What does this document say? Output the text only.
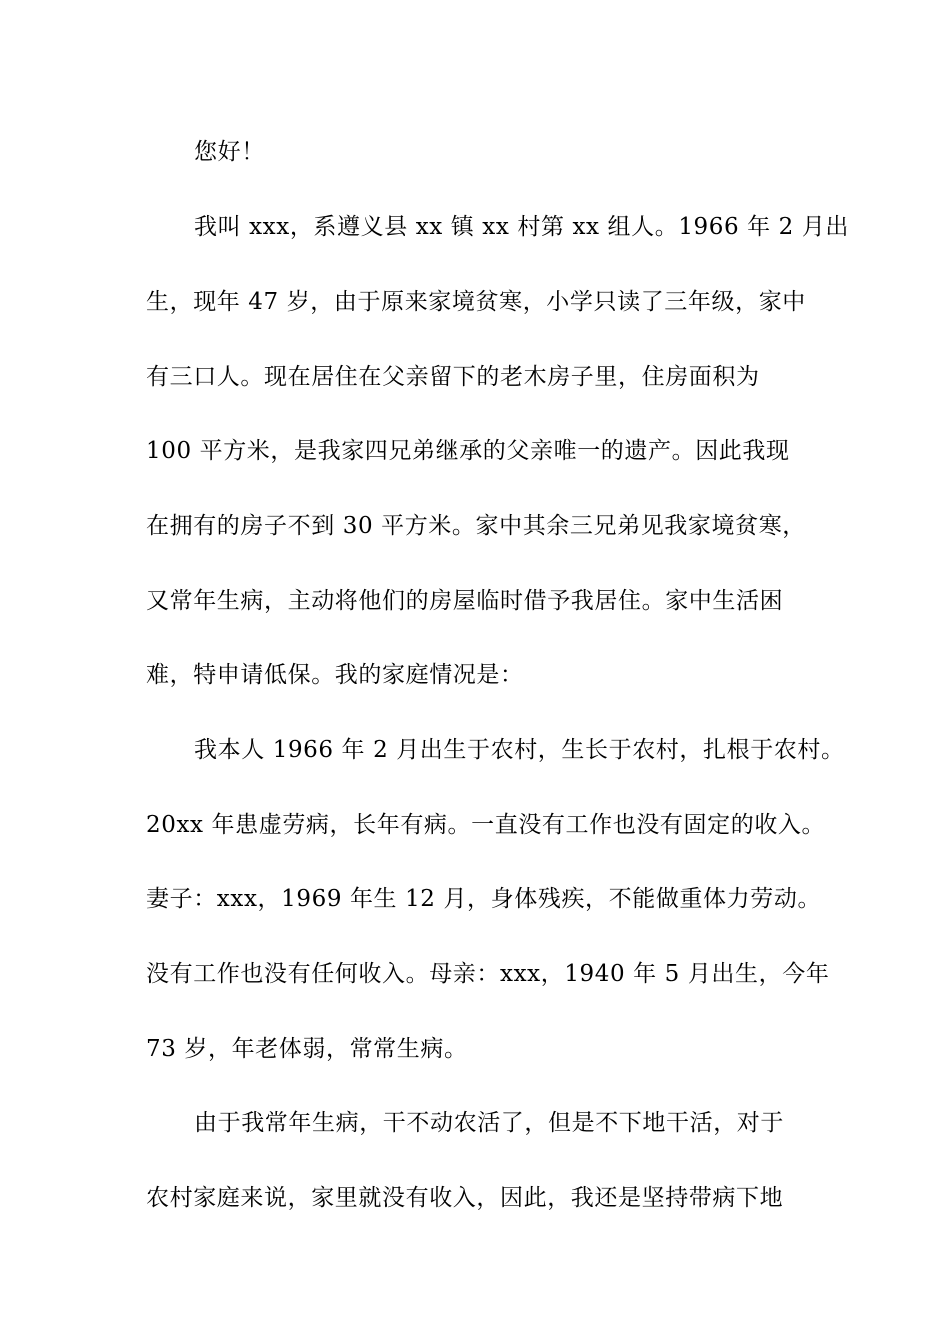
您好！
我叫 xxx，系遵义县 xx 镇 xx 村第 xx 组人。1966 年 2 月出
生，现年 47 岁，由于原来家境贫寒，小学只读了三年级，家中
有三口人。现在居住在父亲留下的老木房子里，住房面积为
100 平方米，是我家四兄弟继承的父亲唯一的遗产。因此我现
在拥有的房子不到 30 平方米。家中其余三兄弟见我家境贫寒，
又常年生病，主动将他们的房屋临时借予我居住。家中生活困
难，特申请低保。我的家庭情况是：
我本人 1966 年 2 月出生于农村，生长于农村，扎根于农村。
20xx 年患虚劳病，长年有病。一直没有工作也没有固定的收入。
妻子：xxx，1969 年生 12 月，身体残疾，不能做重体力劳动。
没有工作也没有任何收入。母亲：xxx，1940 年 5 月出生，今年
73 岁，年老体弱，常常生病。
由于我常年生病，干不动农活了，但是不下地干活，对于
农村家庭来说，家里就没有收入，因此，我还是坚持带病下地
